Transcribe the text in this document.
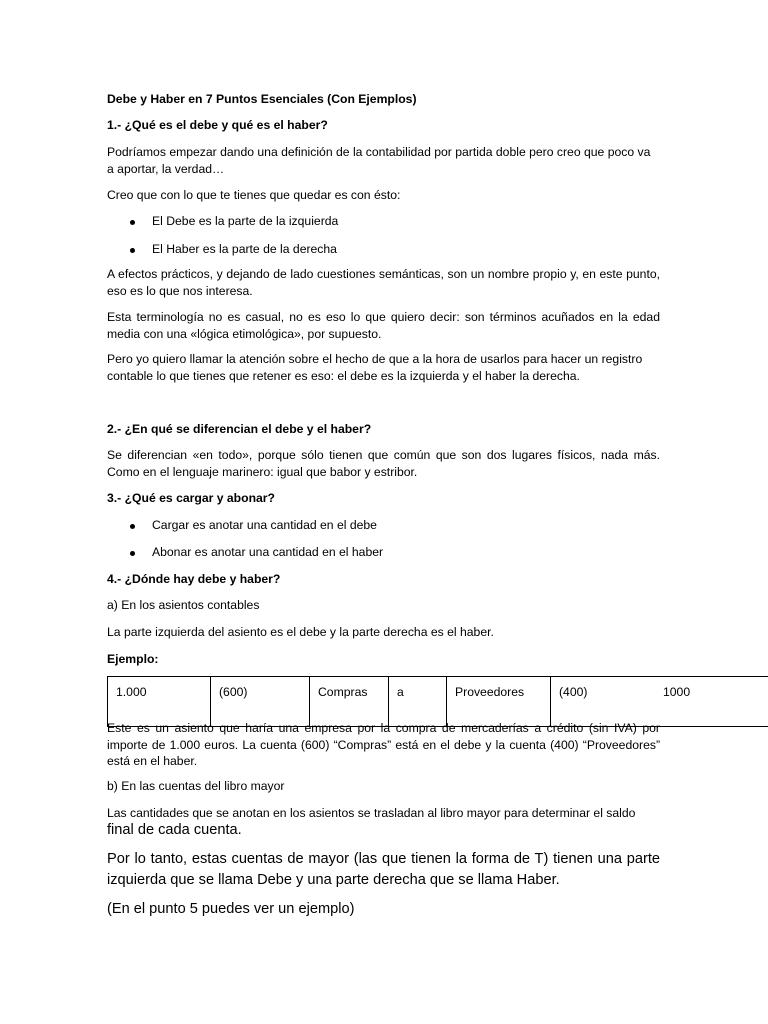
Debe y Haber en 7 Puntos Esenciales (Con Ejemplos)

1.- ¿Qué es el debe y qué es el haber?

Podríamos empezar dando una definición de la contabilidad por partida doble pero creo que poco va a aportar, la verdad…

Creo que con lo que te tienes que quedar es con ésto:

El Debe es la parte de la izquierda
El Haber es la parte de la derecha

A efectos prácticos, y dejando de lado cuestiones semánticas, son un nombre propio y, en este punto, eso es lo que nos interesa.

Esta terminología no es casual, no es eso lo que quiero decir: son términos acuñados en la edad media con una «lógica etimológica», por supuesto.

Pero yo quiero llamar la atención sobre el hecho de que a la hora de usarlos para hacer un registro contable lo que tienes que retener es eso: el debe es la izquierda y el haber la derecha.

2.- ¿En qué se diferencian el debe y el haber?

Se diferencian «en todo», porque sólo tienen que común que son dos lugares físicos, nada más. Como en el lenguaje marinero: igual que babor y estribor.

3.- ¿Qué es cargar y abonar?

Cargar es anotar una cantidad en el debe
Abonar es anotar una cantidad en el haber

4.- ¿Dónde hay debe y haber?

a) En los asientos contables

La parte izquierda del asiento es el debe y la parte derecha es el haber.

Ejemplo:

1.000	(600)	Compras	a	Proveedores	(400)	1000

Este es un asiento que haría una empresa por la compra de mercaderías a crédito (sin IVA) por importe de 1.000 euros. La cuenta (600) “Compras” está en el debe y la cuenta (400) “Proveedores” está en el haber.

b) En las cuentas del libro mayor

Las cantidades que se anotan en los asientos se trasladan al libro mayor para determinar el saldo

final de cada cuenta.

Por lo tanto, estas cuentas de mayor (las que tienen la forma de T) tienen una parte izquierda que se llama Debe y una parte derecha que se llama Haber.

(En el punto 5 puedes ver un ejemplo)
